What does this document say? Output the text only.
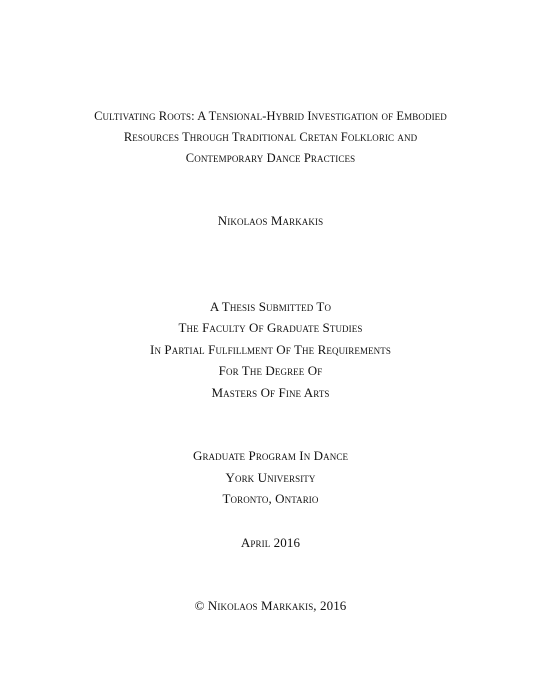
Cultivating Roots: A Tensional-Hybrid Investigation of Embodied
Resources Through Traditional Cretan Folkloric and
Contemporary Dance Practices
Nikolaos Markakis
A Thesis Submitted To
The Faculty Of Graduate Studies
In Partial Fulfillment Of The Requirements
For The Degree Of
Masters Of Fine Arts
Graduate Program In Dance
York University
Toronto, Ontario
April 2016
© Nikolaos Markakis, 2016
